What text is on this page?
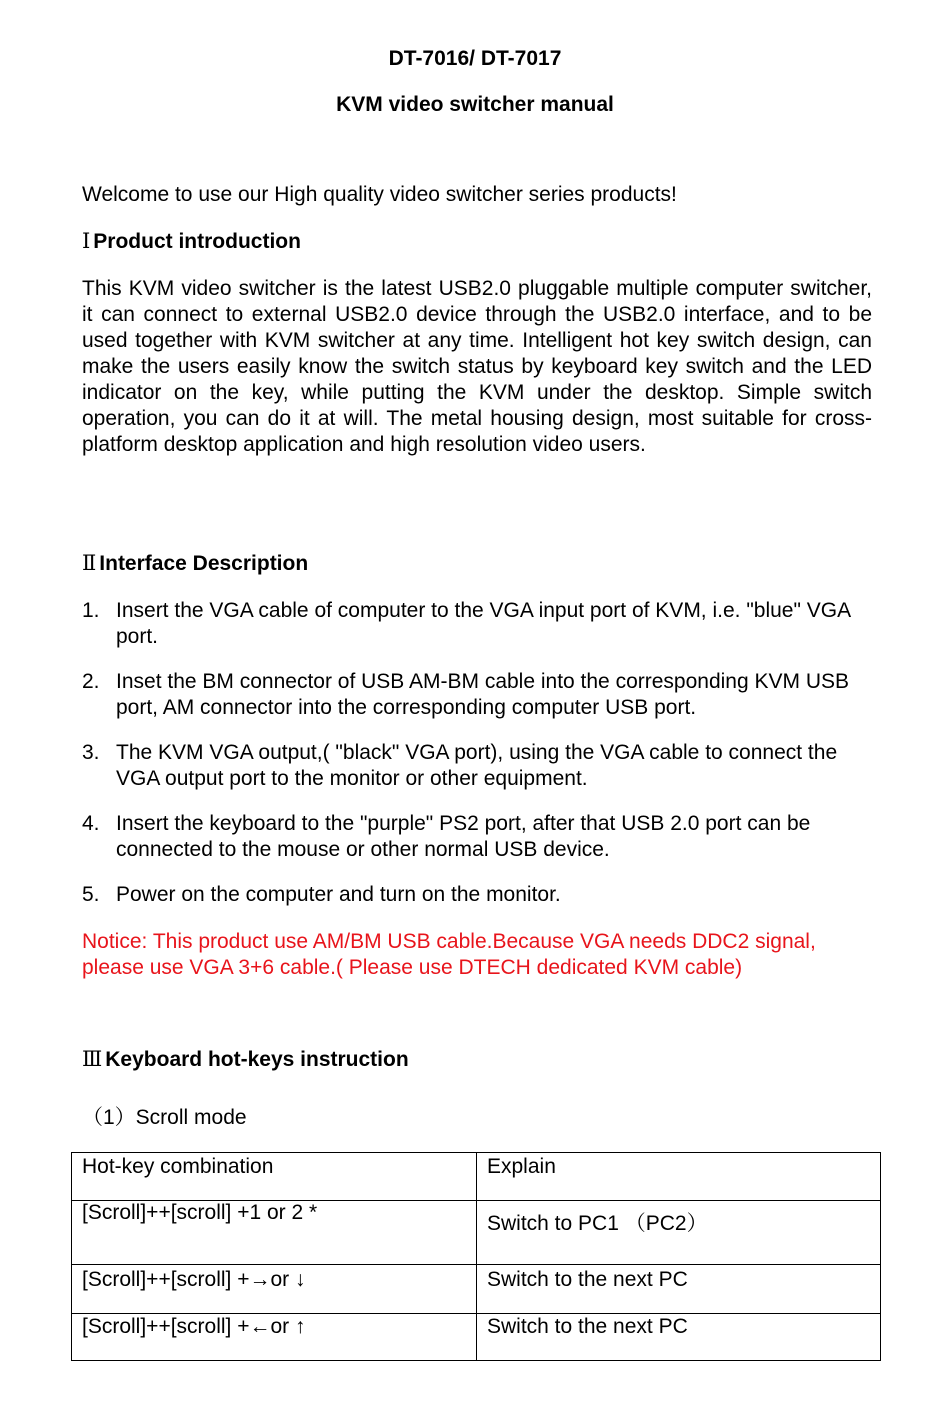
DT-7016/ DT-7017
KVM video switcher manual
Welcome to use our High quality video switcher series products!
Ⅰ Product introduction
This KVM video switcher is the latest USB2.0 pluggable multiple computer switcher, it can connect to external USB2.0 device through the USB2.0 interface, and to be used together with KVM switcher at any time. Intelligent hot key switch design, can make the users easily know the switch status by keyboard key switch and the LED indicator on the key, while putting the KVM under the desktop. Simple switch operation, you can do it at will. The metal housing design, most suitable for cross-platform desktop application and high resolution video users.
Ⅱ Interface Description
1. Insert the VGA cable of computer to the VGA input port of KVM, i.e. "blue" VGA port.
2. Inset the BM connector of USB AM-BM cable into the corresponding KVM USB port, AM connector into the corresponding computer USB port.
3. The KVM VGA output,( "black" VGA port), using the VGA cable to connect the VGA output port to the monitor or other equipment.
4. Insert the keyboard to the "purple" PS2 port, after that USB 2.0 port can be connected to the mouse or other normal USB device.
5. Power on the computer and turn on the monitor.
Notice: This product use AM/BM USB cable.Because VGA needs DDC2 signal, please use VGA 3+6 cable.( Please use DTECH dedicated KVM cable)
Ⅲ Keyboard hot-keys instruction
（1）Scroll mode
Hot-key combination	Explain
[Scroll]++[scroll] +1 or 2 *	Switch to PC1 （PC2）
[Scroll]++[scroll] +→or ↓	Switch to the next PC
[Scroll]++[scroll] +←or ↑	Switch to the next PC
